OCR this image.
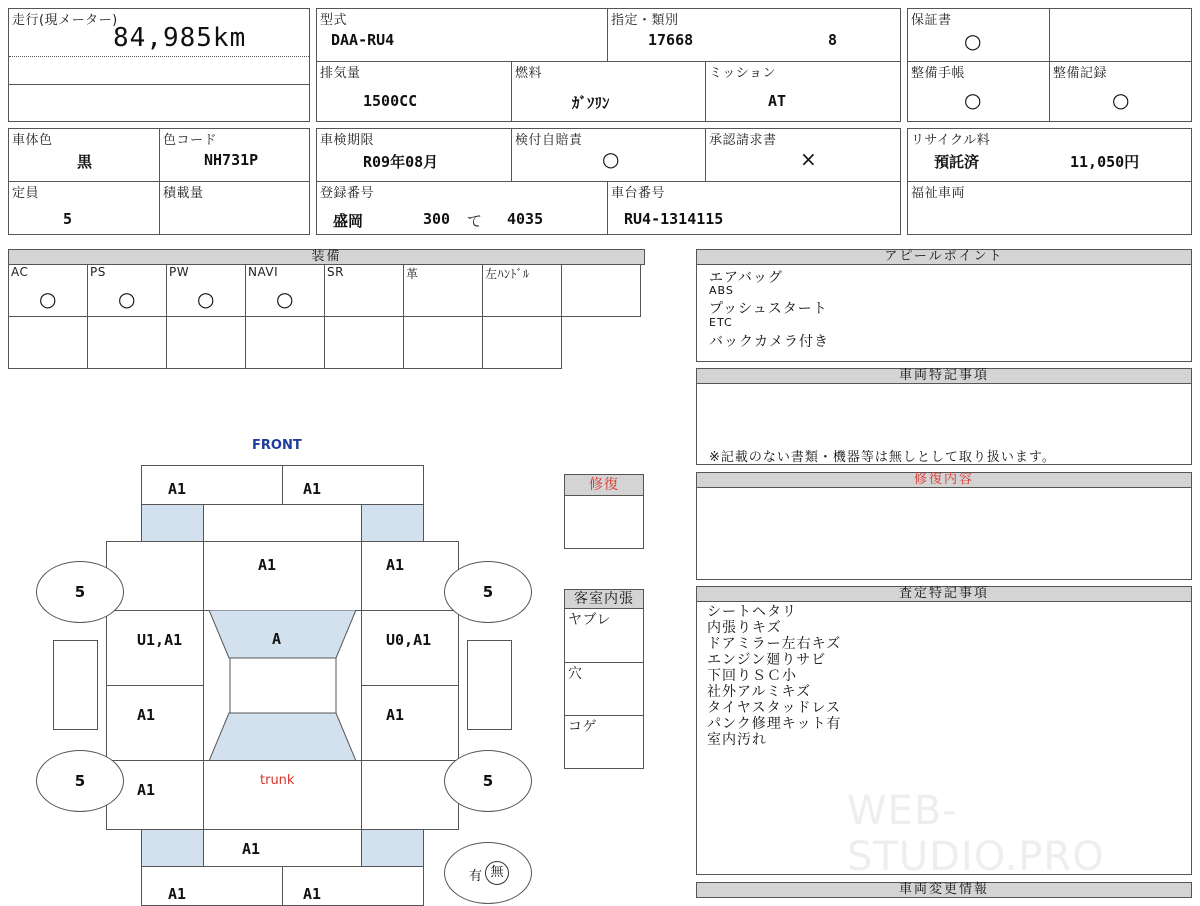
走行(現メーター)
84,985km
型式
DAA-RU4
指定・類別
17668	8
排気量
1500CC
燃料
ｶﾞｿﾘﾝ
ミッション
AT
保証書
○
整備手帳
○
整備記録
○
車体色
黒
色コード
NH731P
定員
5
積載量
車検期限
R09年08月
検付自賠責
○
承認請求書
×
登録番号
盛岡	300 て 4035
車台番号
RU4-1314115
リサイクル料
預託済	11,050円
福祉車両
装備
AC
○
PS
○
PW
○
NAVI
○
SR	革	左ﾊﾝﾄﾞﾙ
アピールポイント
エアバッグ
ABS
プッシュスタート
ETC
バックカメラ付き
車両特記事項
※記載のない書類・機器等は無しとして取り扱います。
修復内容
査定特記事項
シートヘタリ
内張りキズ
ドアミラー左右キズ
エンジン廻りサビ
下回りＳＣ小
社外アルミキズ
タイヤスタッドレス
パンク修理キット有
室内汚れ
WEB-STUDIO.PRO
車両変更情報
修復
客室内張
ヤブレ
穴
コゲ
FRONT
A1	A1
A1	A1
U1,A1	U0,A1
A1	A1
A
A1
trunk
A1
A1	A1
5	5
5	5
有 無
